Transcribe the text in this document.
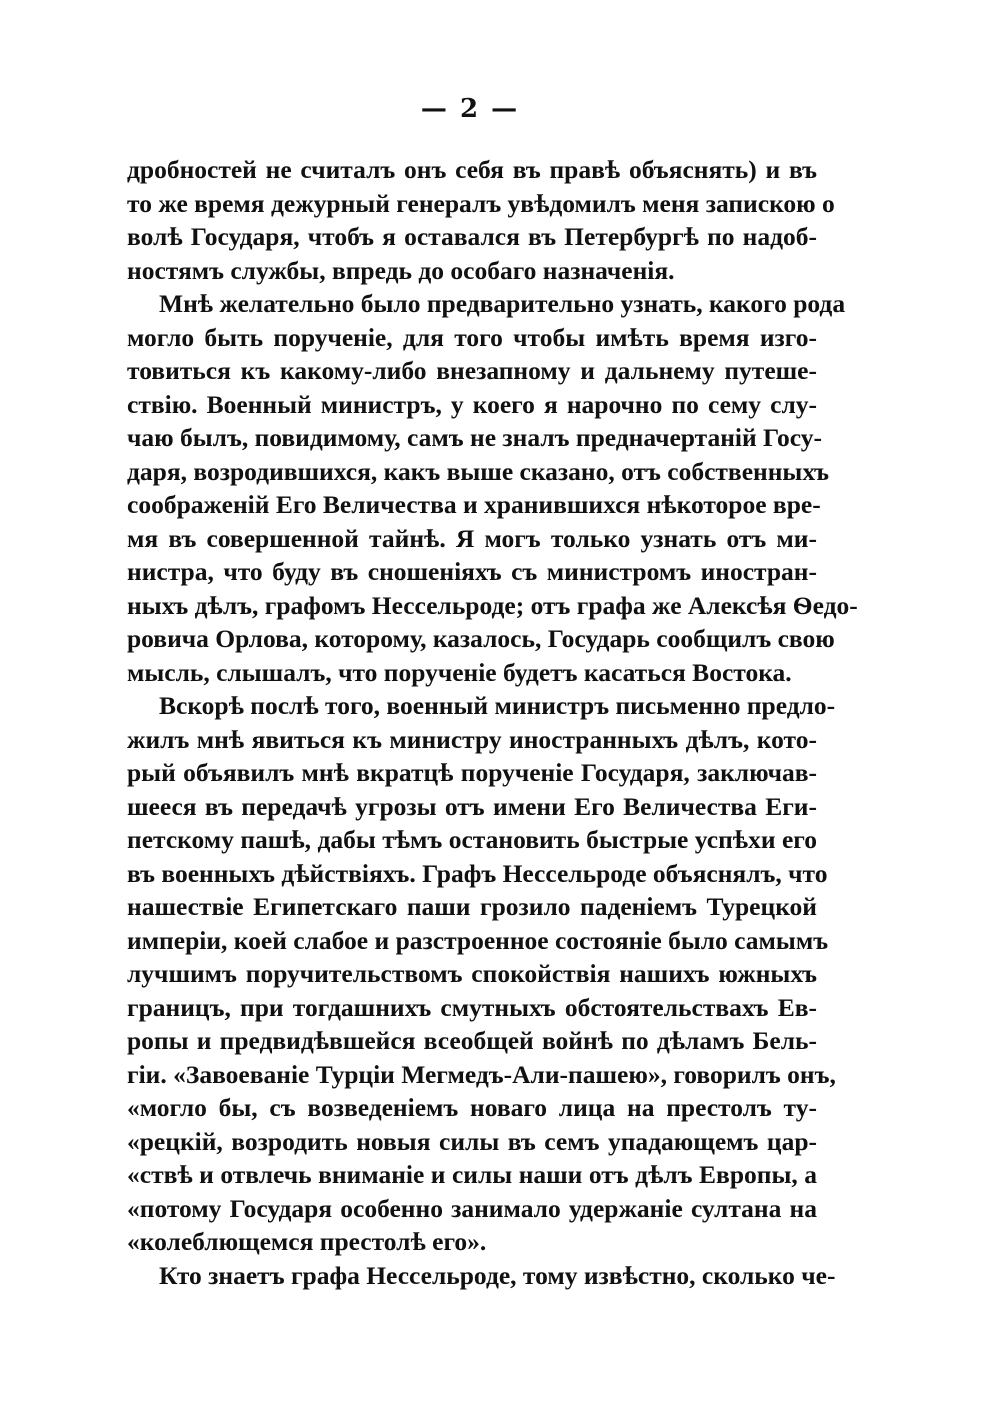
— 2 —
дробностей не считалъ онъ себя въ правѣ объяснять) и въ
то же время дежурный генералъ увѣдомилъ меня запискою о
волѣ Государя, чтобъ я оставался въ Петербургѣ по надоб-
ностямъ службы, впредь до особаго назначенія.
Мнѣ желательно было предварительно узнать, какого рода
могло быть порученіе, для того чтобы имѣть время изго-
товиться къ какому-либо внезапному и дальнему путеше-
ствію. Военный министръ, у коего я нарочно по сему слу-
чаю былъ, повидимому, самъ не зналъ предначертаній Госу-
даря, возродившихся, какъ выше сказано, отъ собственныхъ
соображеній Его Величества и хранившихся нѣкоторое вре-
мя въ совершенной тайнѣ. Я могъ только узнать отъ ми-
нистра, что буду въ сношеніяхъ съ министромъ иностран-
ныхъ дѣлъ, графомъ Нессельроде; отъ графа же Алексѣя Ѳедо-
ровича Орлова, которому, казалось, Государь сообщилъ свою
мысль, слышалъ, что порученіе будетъ касаться Востока.
Вскорѣ послѣ того, военный министръ письменно предло-
жилъ мнѣ явиться къ министру иностранныхъ дѣлъ, кото-
рый объявилъ мнѣ вкратцѣ порученіе Государя, заключав-
шееся въ передачѣ угрозы отъ имени Его Величества Еги-
петскому пашѣ, дабы тѣмъ остановить быстрые успѣхи его
въ военныхъ дѣйствіяхъ. Графъ Нессельроде объяснялъ, что
нашествіе Египетскаго паши грозило паденіемъ Турецкой
имперіи, коей слабое и разстроенное состояніе было самымъ
лучшимъ поручительствомъ спокойствія нашихъ южныхъ
границъ, при тогдашнихъ смутныхъ обстоятельствахъ Ев-
ропы и предвидѣвшейся всеобщей войнѣ по дѣламъ Бель-
гіи. «Завоеваніе Турціи Мегмедъ-Али-пашею», говорилъ онъ,
«могло бы, съ возведеніемъ новаго лица на престолъ ту-
«рецкій, возродить новыя силы въ семъ упадающемъ цар-
«ствѣ и отвлечь вниманіе и силы наши отъ дѣлъ Европы, а
«потому Государя особенно занимало удержаніе султана на
«колеблющемся престолѣ его».
Кто знаетъ графа Нессельроде, тому извѣстно, сколько че-
